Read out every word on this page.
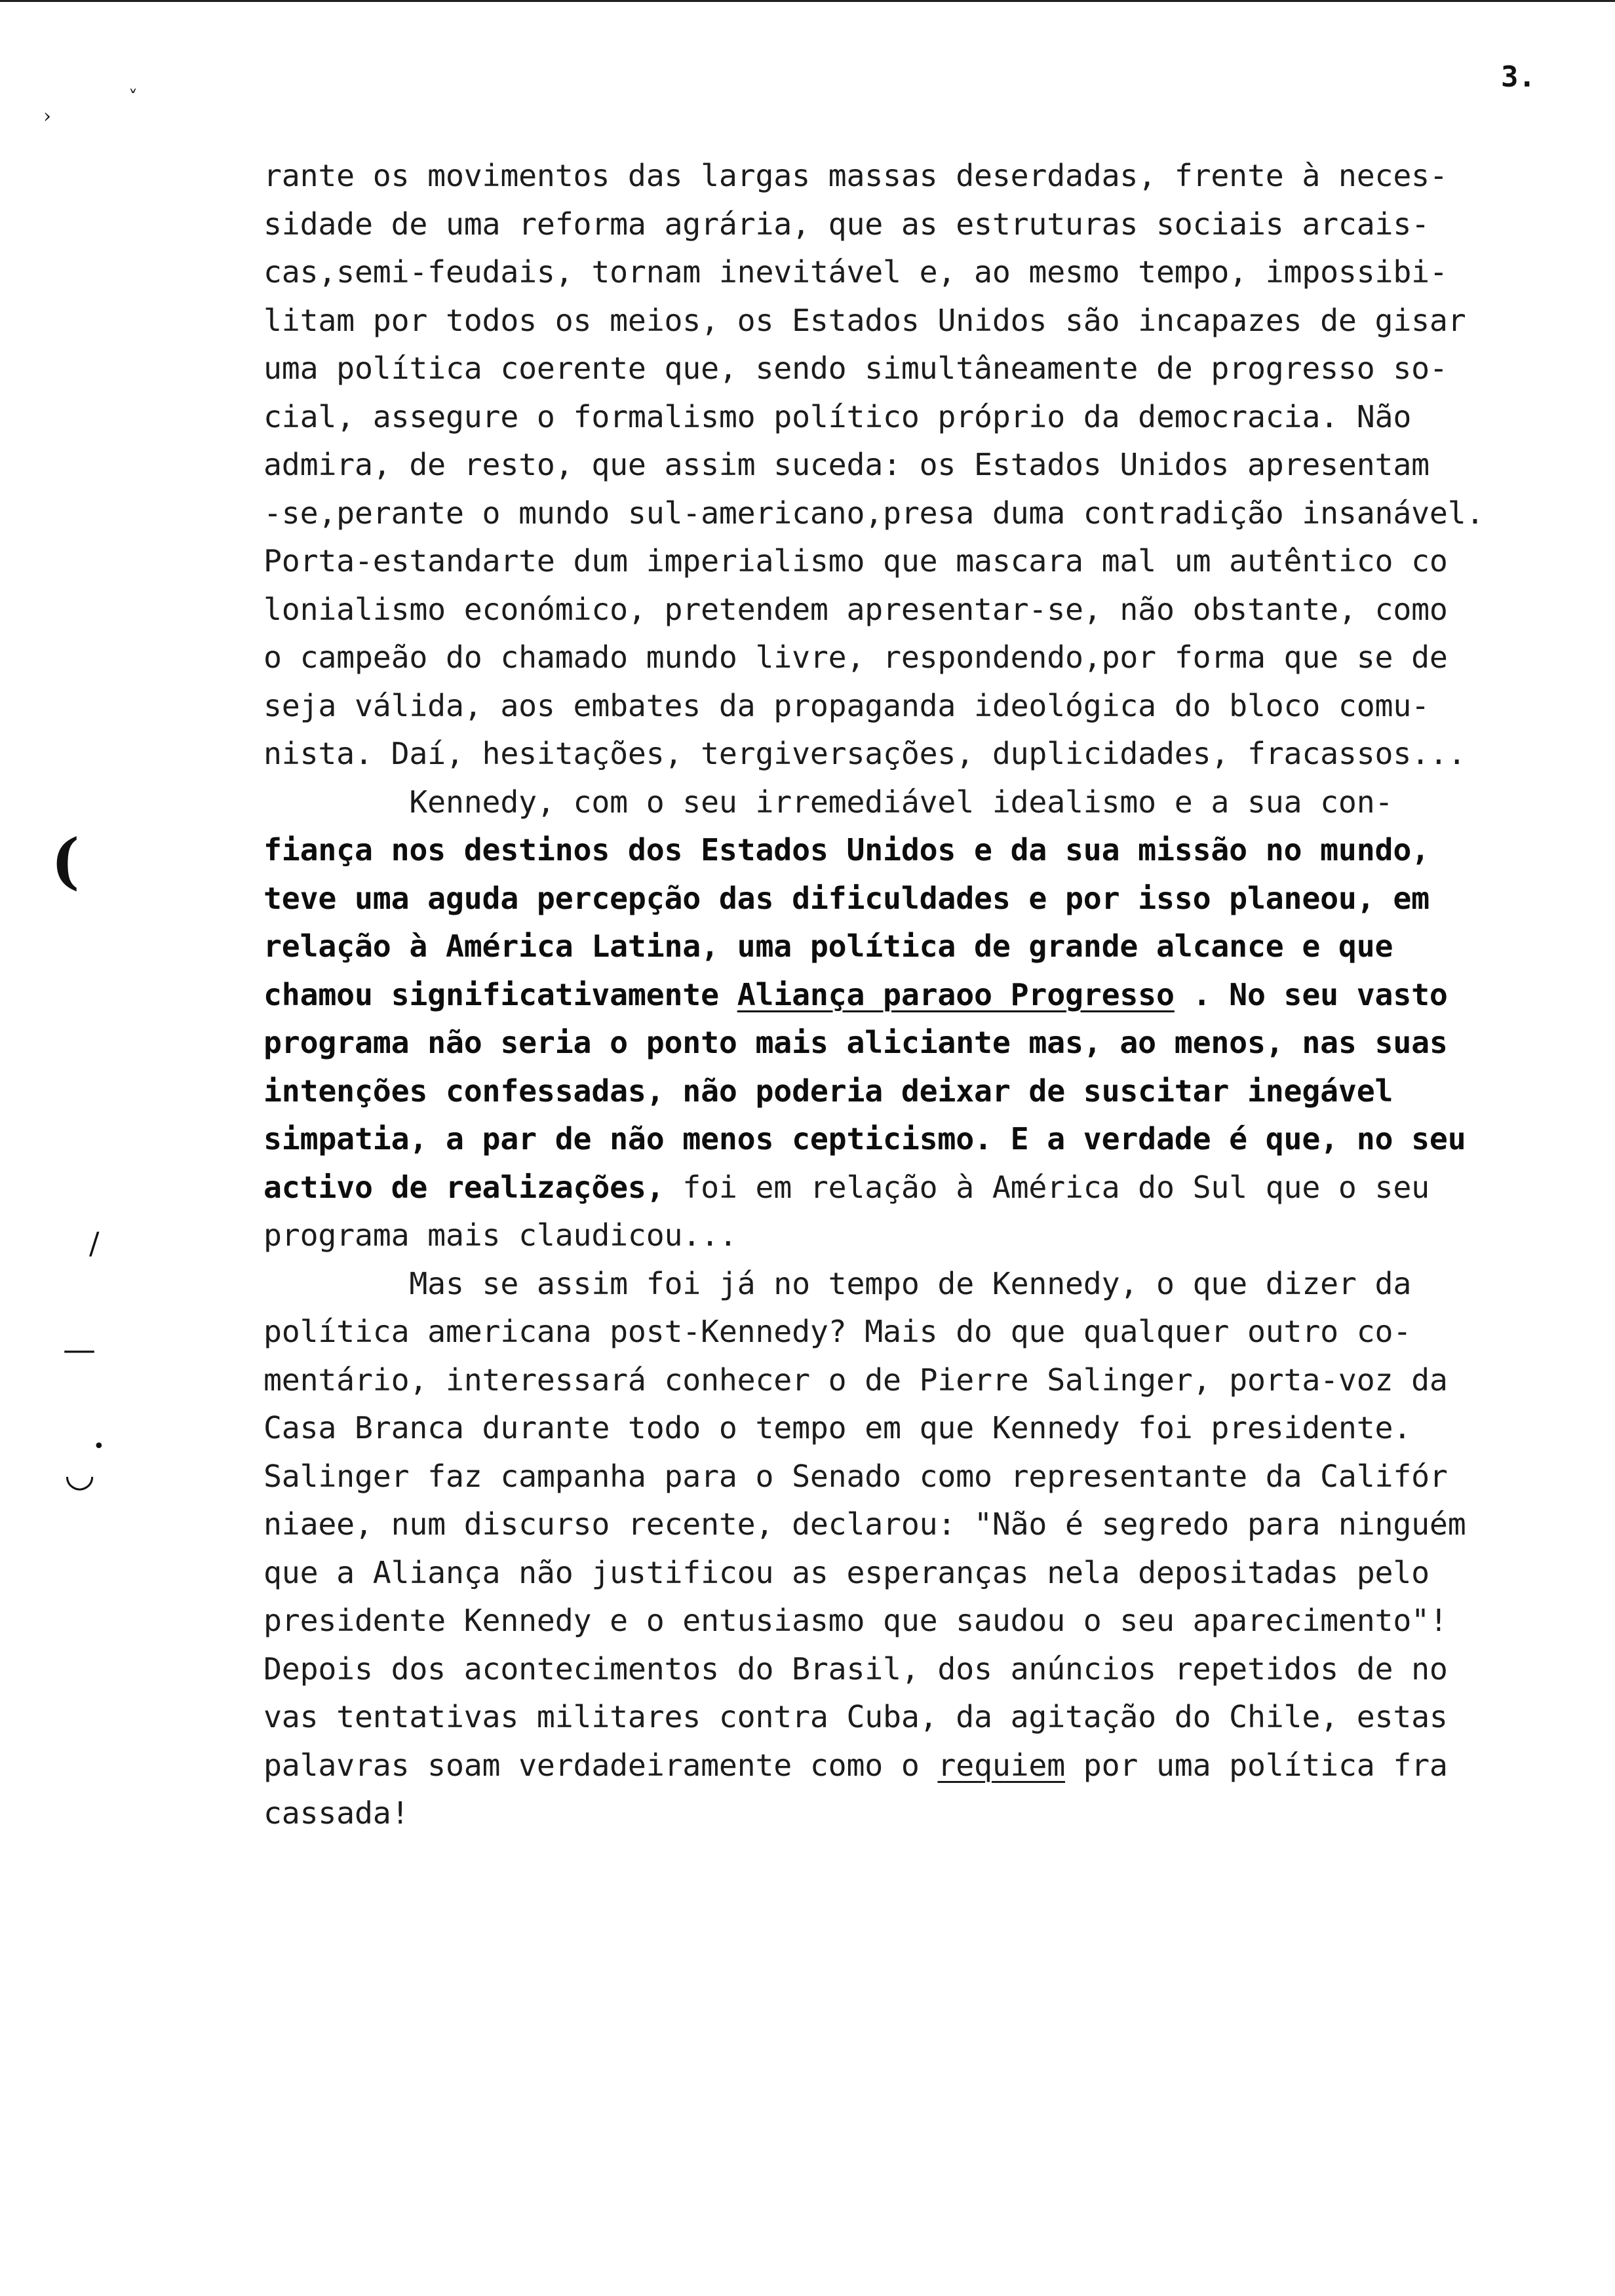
3.
›
˅
(
/
—
•
◡
rante os movimentos das largas massas deserdadas, frente à neces-
sidade de uma reforma agrária, que as estruturas sociais arcais-
cas,semi-feudais, tornam inevitável e, ao mesmo tempo, impossibi-
litam por todos os meios, os Estados Unidos são incapazes de gisar
uma política coerente que, sendo simultâneamente de progresso so-
cial, assegure o formalismo político próprio da democracia. Não
admira, de resto, que assim suceda: os Estados Unidos apresentam
-se,perante o mundo sul-americano,presa duma contradição insanável.
Porta-estandarte dum imperialismo que mascara mal um autêntico co
lonialismo económico, pretendem apresentar-se, não obstante, como
o campeão do chamado mundo livre, respondendo,por forma que se de
seja válida, aos embates da propaganda ideológica do bloco comu-
nista. Daí, hesitações, tergiversações, duplicidades, fracassos...
Kennedy, com o seu irremediável idealismo e a sua con-
fiança nos destinos dos Estados Unidos e da sua missão no mundo,
teve uma aguda percepção das dificuldades e por isso planeou, em
relação à América Latina, uma política de grande alcance e que
chamou significativamente Aliança paraoo Progresso . No seu vasto
programa não seria o ponto mais aliciante mas, ao menos, nas suas
intenções confessadas, não poderia deixar de suscitar inegável
simpatia, a par de não menos cepticismo. E a verdade é que, no seu
activo de realizações, foi em relação à América do Sul que o seu
programa mais claudicou...
Mas se assim foi já no tempo de Kennedy, o que dizer da
política americana post-Kennedy? Mais do que qualquer outro co-
mentário, interessará conhecer o de Pierre Salinger, porta-voz da
Casa Branca durante todo o tempo em que Kennedy foi presidente.
Salinger faz campanha para o Senado como representante da Califór
niaee, num discurso recente, declarou: "Não é segredo para ninguém
que a Aliança não justificou as esperanças nela depositadas pelo
presidente Kennedy e o entusiasmo que saudou o seu aparecimento"!
Depois dos acontecimentos do Brasil, dos anúncios repetidos de no
vas tentativas militares contra Cuba, da agitação do Chile, estas
palavras soam verdadeiramente como o requiem por uma política fra
cassada!
